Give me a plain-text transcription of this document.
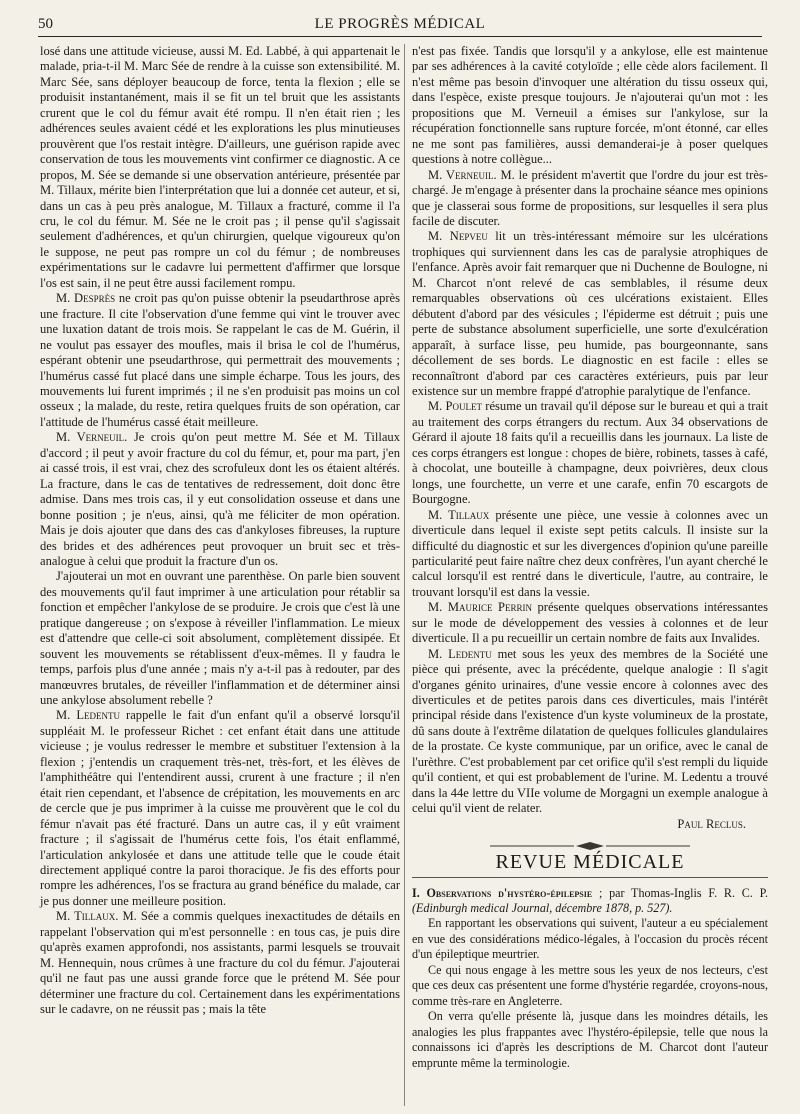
50	LE PROGRÈS MÉDICAL

losé dans une attitude vicieuse, aussi M. Ed. Labbé, à qui appartenait le malade, pria-t-il M. Marc Sée de rendre à la cuisse son extensibilité. M. Marc Sée, sans déployer beaucoup de force, tenta la flexion ; elle se produisit instantanément, mais il se fit un tel bruit que les assistants crurent que le col du fémur avait été rompu. Il n'en était rien ; les adhérences seules avaient cédé et les explorations les plus minutieuses prouvèrent que l'os restait intègre. D'ailleurs, une guérison rapide avec conservation de tous les mouvements vint confirmer ce diagnostic. A ce propos, M. Sée se demande si une observation antérieure, présentée par M. Tillaux, mérite bien l'interprétation que lui a donnée cet auteur, et si, dans un cas à peu près analogue, M. Tillaux a fracturé, comme il l'a cru, le col du fémur. M. Sée ne le croit pas ; il pense qu'il s'agissait seulement d'adhérences, et qu'un chirurgien, quelque vigoureux qu'on le suppose, ne peut pas rompre un col du fémur ; de nombreuses expérimentations sur le cadavre lui permettent d'affirmer que lorsque l'os est sain, il ne peut être aussi facilement rompu.

M. Desprès ne croit pas qu'on puisse obtenir la pseudarthrose après une fracture. Il cite l'observation d'une femme qui vint le trouver avec une luxation datant de trois mois. Se rappelant le cas de M. Guérin, il ne voulut pas essayer des moufles, mais il brisa le col de l'humérus, espérant obtenir une pseudarthrose, qui permettrait des mouvements ; l'humérus cassé fut placé dans une simple écharpe. Tous les jours, des mouvements lui furent imprimés ; il ne s'en produisit pas moins un col osseux ; la malade, du reste, retira quelques fruits de son opération, car l'attitude de l'humérus cassé était meilleure.

M. Verneuil. Je crois qu'on peut mettre M. Sée et M. Tillaux d'accord ; il peut y avoir fracture du col du fémur, et, pour ma part, j'en ai cassé trois, il est vrai, chez des scrofuleux dont les os étaient altérés. La fracture, dans le cas de tentatives de redressement, doit donc être admise. Dans mes trois cas, il y eut consolidation osseuse et dans une bonne position ; je n'eus, ainsi, qu'à me féliciter de mon opération. Mais je dois ajouter que dans des cas d'ankyloses fibreuses, la rupture des brides et des adhérences peut provoquer un bruit sec et très-analogue à celui que produit la fracture d'un os.

J'ajouterai un mot en ouvrant une parenthèse. On parle bien souvent des mouvements qu'il faut imprimer à une articulation pour rétablir sa fonction et empêcher l'ankylose de se produire. Je crois que c'est là une pratique dangereuse ; on s'expose à réveiller l'inflammation. Le mieux est d'attendre que celle-ci soit absolument, complètement dissipée. Et souvent les mouvements se rétablissent d'eux-mêmes. Il y faudra le temps, parfois plus d'une année ; mais n'y a-t-il pas à redouter, par des manœuvres brutales, de réveiller l'inflammation et de déterminer ainsi une ankylose absolument rebelle ?

M. Ledentu rappelle le fait d'un enfant qu'il a observé lorsqu'il suppléait M. le professeur Richet : cet enfant était dans une attitude vicieuse ; je voulus redresser le membre et substituer l'extension à la flexion ; j'entendis un craquement très-net, très-fort, et les élèves de l'amphithéâtre qui l'entendirent aussi, crurent à une fracture ; il n'en était rien cependant, et l'absence de crépitation, les mouvements en arc de cercle que je pus imprimer à la cuisse me prouvèrent que le col du fémur n'avait pas été fracturé. Dans un autre cas, il y eût vraiment fracture ; il s'agissait de l'humérus cette fois, l'os était enflammé, l'articulation ankylosée et dans une attitude telle que le coude était directement appliqué contre la paroi thoracique. Je fis des efforts pour rompre les adhérences, l'os se fractura au grand bénéfice du malade, car je pus donner une meilleure position.

M. Tillaux. M. Sée a commis quelques inexactitudes de détails en rappelant l'observation qui m'est personnelle : en tous cas, je puis dire qu'après examen approfondi, nos assistants, parmi lesquels se trouvait M. Hennequin, nous crûmes à une fracture du col du fémur. J'ajouterai qu'il ne faut pas une aussi grande force que le prétend M. Sée pour déterminer une fracture du col. Certainement dans les expérimentations sur le cadavre, on ne réussit pas ; mais la tête

n'est pas fixée. Tandis que lorsqu'il y a ankylose, elle est maintenue par ses adhérences à la cavité cotyloïde ; elle cède alors facilement. Il n'est même pas besoin d'invoquer une altération du tissu osseux qui, dans l'espèce, existe presque toujours. Je n'ajouterai qu'un mot : les propositions que M. Verneuil a émises sur l'ankylose, sur la récupération fonctionnelle sans rupture forcée, m'ont étonné, car elles ne me sont pas familières, aussi demanderai-je à poser quelques questions à notre collègue...

M. Verneuil. M. le président m'avertit que l'ordre du jour est très-chargé. Je m'engage à présenter dans la prochaine séance mes opinions que je classerai sous forme de propositions, sur lesquelles il sera plus facile de discuter.

M. Nepveu lit un très-intéressant mémoire sur les ulcérations trophiques qui surviennent dans les cas de paralysie atrophiques de l'enfance. Après avoir fait remarquer que ni Duchenne de Boulogne, ni M. Charcot n'ont relevé de cas semblables, il résume deux remarquables observations où ces ulcérations existaient. Elles débutent d'abord par des vésicules ; l'épiderme est détruit ; puis une perte de substance absolument superficielle, une sorte d'exulcération apparaît, à surface lisse, peu humide, pas bourgeonnante, sans décollement de ses bords. Le diagnostic en est facile : elles se reconnaîtront d'abord par ces caractères extérieurs, puis par leur existence sur un membre frappé d'atrophie paralytique de l'enfance.

M. Poulet résume un travail qu'il dépose sur le bureau et qui a trait au traitement des corps étrangers du rectum. Aux 34 observations de Gérard il ajoute 18 faits qu'il a recueillis dans les journaux. La liste de ces corps étrangers est longue : chopes de bière, robinets, tasses à café, à chocolat, une bouteille à champagne, deux poivrières, deux clous longs, une fourchette, un verre et une carafe, enfin 70 escargots de Bourgogne.

M. Tillaux présente une pièce, une vessie à colonnes avec un diverticule dans lequel il existe sept petits calculs. Il insiste sur la difficulté du diagnostic et sur les divergences d'opinion qu'une pareille particularité peut faire naître chez deux confrères, l'un ayant cherché le calcul lorsqu'il est rentré dans le diverticule, l'autre, au contraire, le trouvant lorsqu'il est dans la vessie.

M. Maurice Perrin présente quelques observations intéressantes sur le mode de développement des vessies à colonnes et de leur diverticule. Il a pu recueillir un certain nombre de faits aux Invalides.

M. Ledentu met sous les yeux des membres de la Société une pièce qui présente, avec la précédente, quelque analogie : Il s'agit d'organes génito urinaires, d'une vessie encore à colonnes avec des diverticules et de petites parois dans ces diverticules, mais l'intérêt principal réside dans l'existence d'un kyste volumineux de la prostate, dû sans doute à l'extrême dilatation de quelques follicules glandulaires de la prostate. Ce kyste communique, par un orifice, avec le canal de l'urèthre. C'est probablement par cet orifice qu'il s'est rempli du liquide qu'il contient, et qui est probablement de l'urine. M. Ledentu a trouvé dans la 44e lettre du VIIe volume de Morgagni un exemple analogue à celui qu'il vient de relater.

Paul Reclus.

REVUE MÉDICALE

I. Observations d'hystéro-épilepsie ; par Thomas-Inglis F. R. C. P. (Edinburgh medical Journal, décembre 1878, p. 527).

En rapportant les observations qui suivent, l'auteur a eu spécialement en vue des considérations médico-légales, à l'occasion du procès récent d'un épileptique meurtrier.

Ce qui nous engage à les mettre sous les yeux de nos lecteurs, c'est que ces deux cas présentent une forme d'hystérie regardée, croyons-nous, comme très-rare en Angleterre.

On verra qu'elle présente là, jusque dans les moindres détails, les analogies les plus frappantes avec l'hystéro-épilepsie, telle que nous la connaissons ici d'après les descriptions de M. Charcot dont l'auteur emprunte même la terminologie.
